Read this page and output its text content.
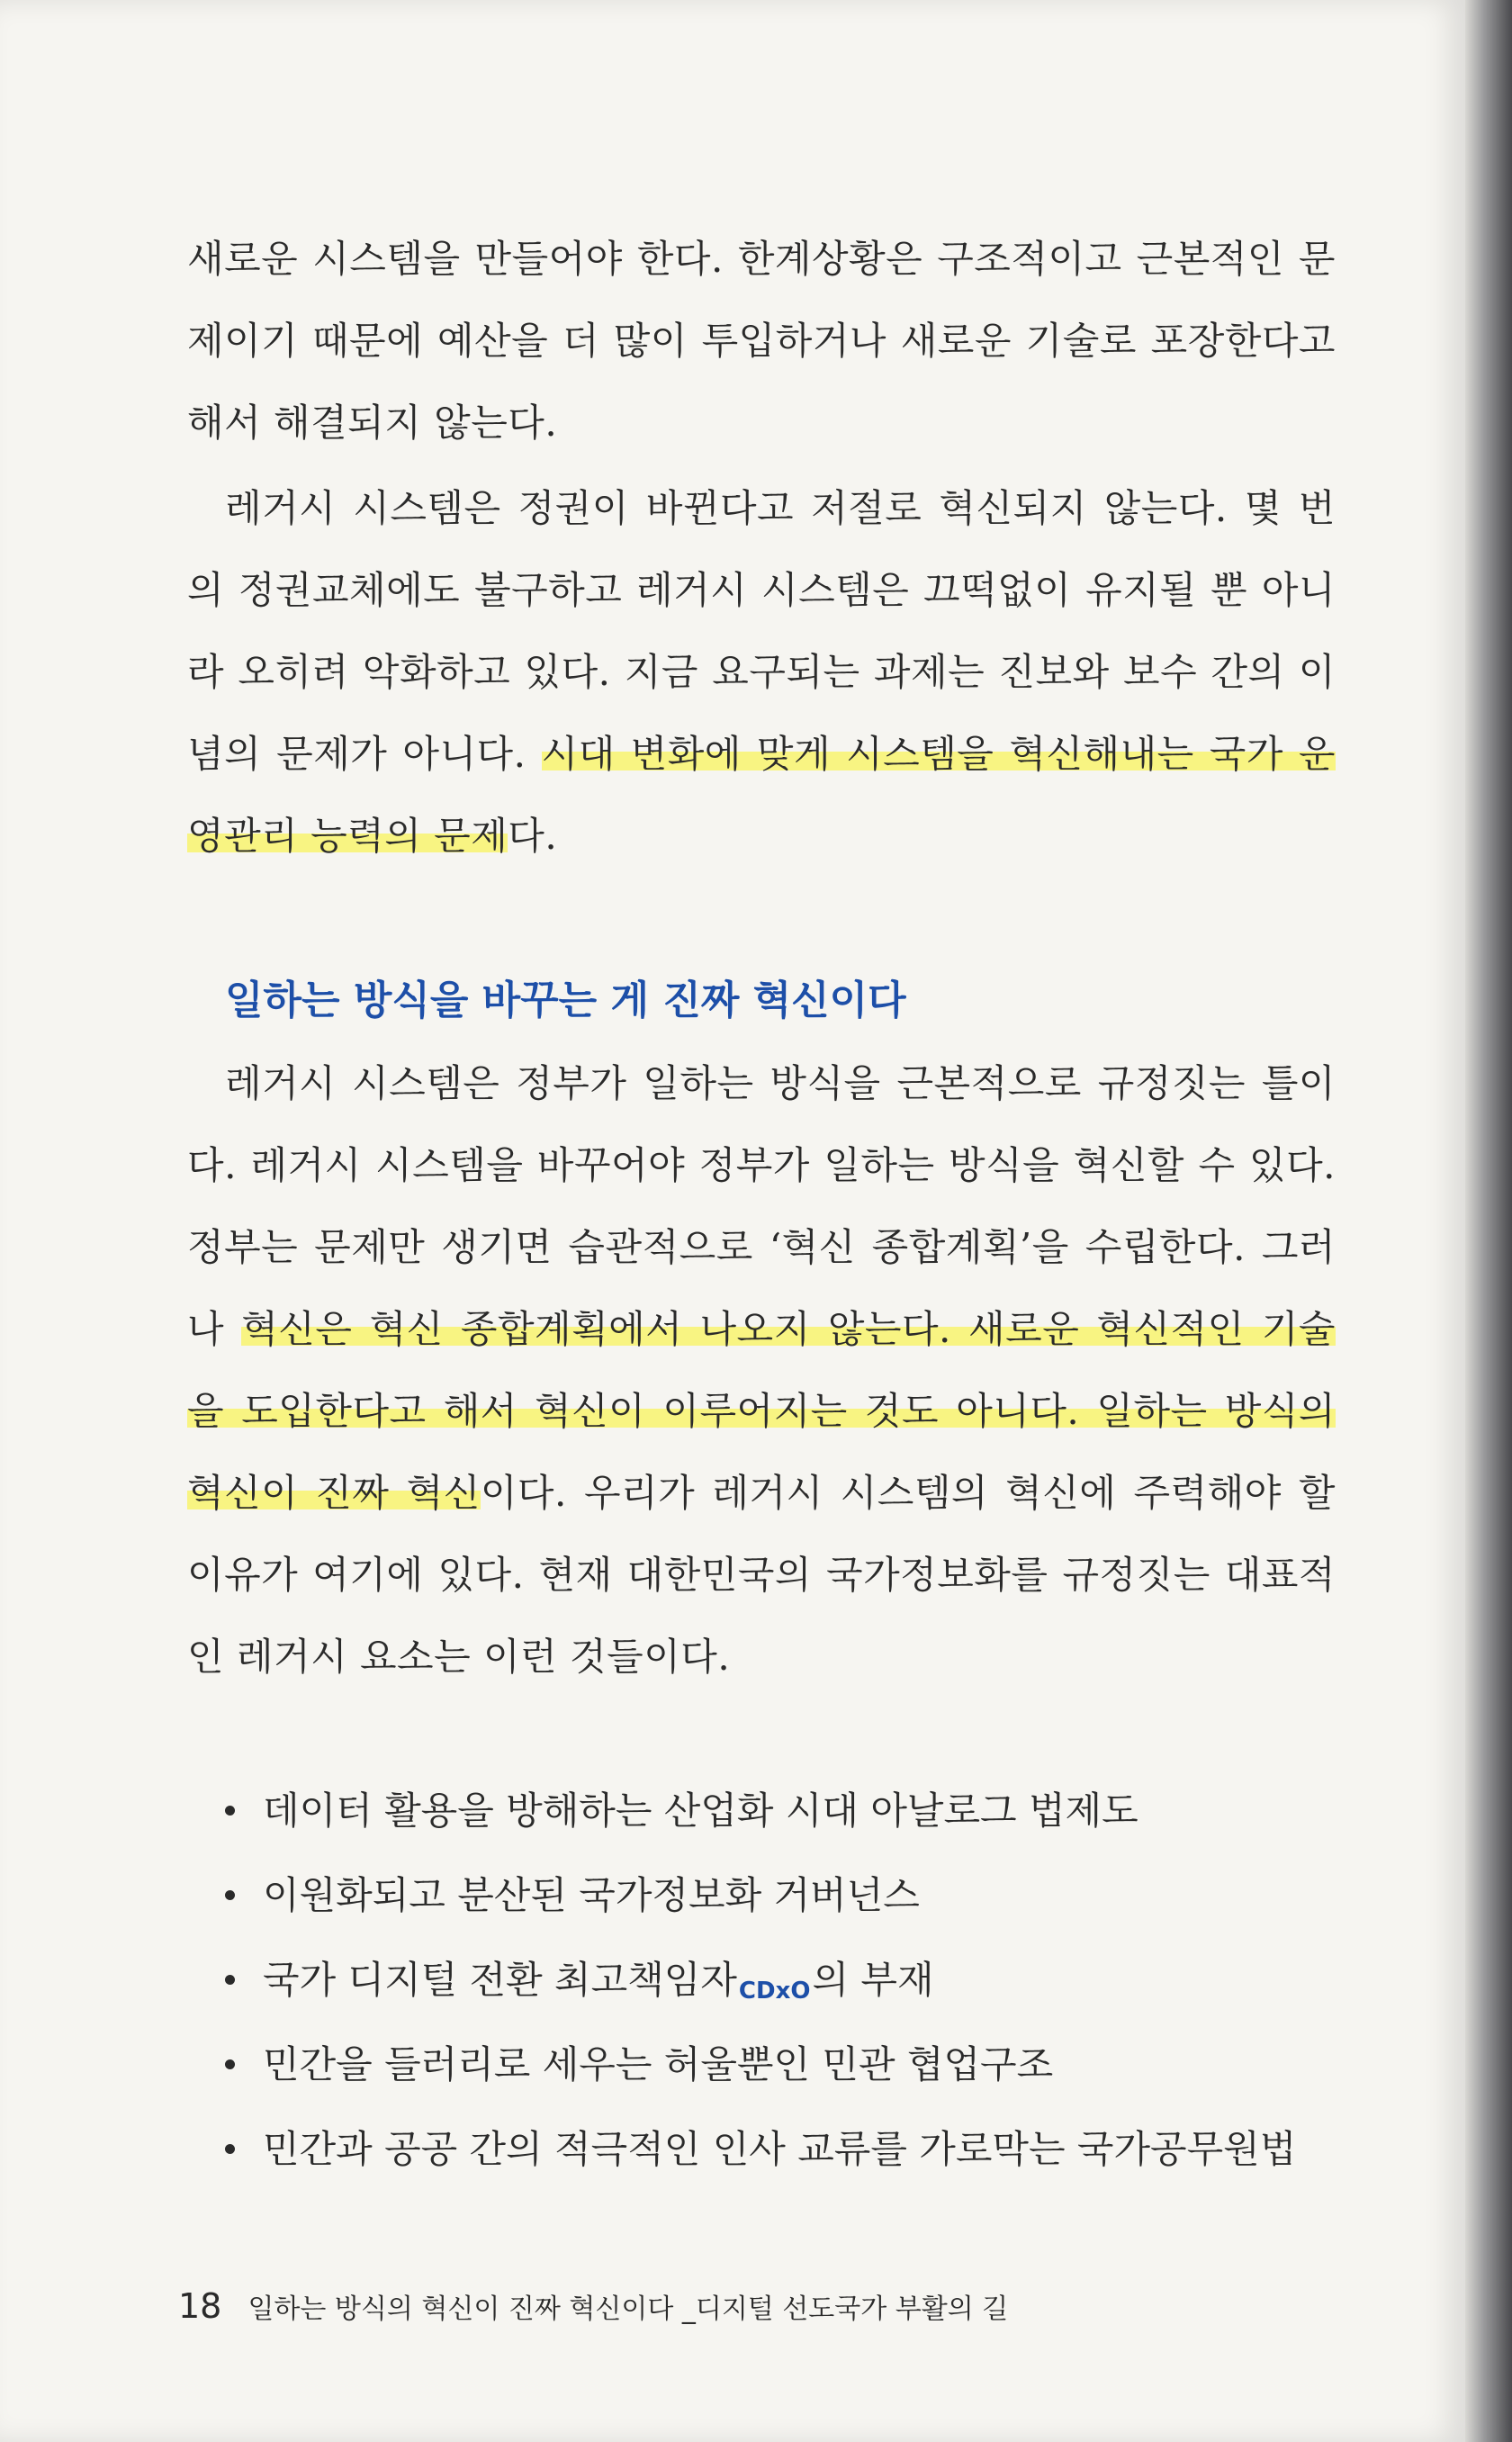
새로운 시스템을 만들어야 한다. 한계상황은 구조적이고 근본적인 문
제이기 때문에 예산을 더 많이 투입하거나 새로운 기술로 포장한다고
해서 해결되지 않는다.
레거시 시스템은 정권이 바뀐다고 저절로 혁신되지 않는다. 몇 번
의 정권교체에도 불구하고 레거시 시스템은 끄떡없이 유지될 뿐 아니
라 오히려 악화하고 있다. 지금 요구되는 과제는 진보와 보수 간의 이
념의 문제가 아니다. 시대 변화에 맞게 시스템을 혁신해내는 국가 운
영관리 능력의 문제다.
일하는 방식을 바꾸는 게 진짜 혁신이다
레거시 시스템은 정부가 일하는 방식을 근본적으로 규정짓는 틀이
다. 레거시 시스템을 바꾸어야 정부가 일하는 방식을 혁신할 수 있다.
정부는 문제만 생기면 습관적으로 ‘혁신 종합계획’을 수립한다. 그러
나 혁신은 혁신 종합계획에서 나오지 않는다. 새로운 혁신적인 기술
을 도입한다고 해서 혁신이 이루어지는 것도 아니다. 일하는 방식의
혁신이 진짜 혁신이다. 우리가 레거시 시스템의 혁신에 주력해야 할
이유가 여기에 있다. 현재 대한민국의 국가정보화를 규정짓는 대표적
인 레거시 요소는 이런 것들이다.
데이터 활용을 방해하는 산업화 시대 아날로그 법제도
이원화되고 분산된 국가정보화 거버넌스
국가 디지털 전환 최고책임자$_{CDxO}$의 부재
민간을 들러리로 세우는 허울뿐인 민관 협업구조
민간과 공공 간의 적극적인 인사 교류를 가로막는 국가공무원법
18 일하는 방식의 혁신이 진짜 혁신이다 _디지털 선도국가 부활의 길
